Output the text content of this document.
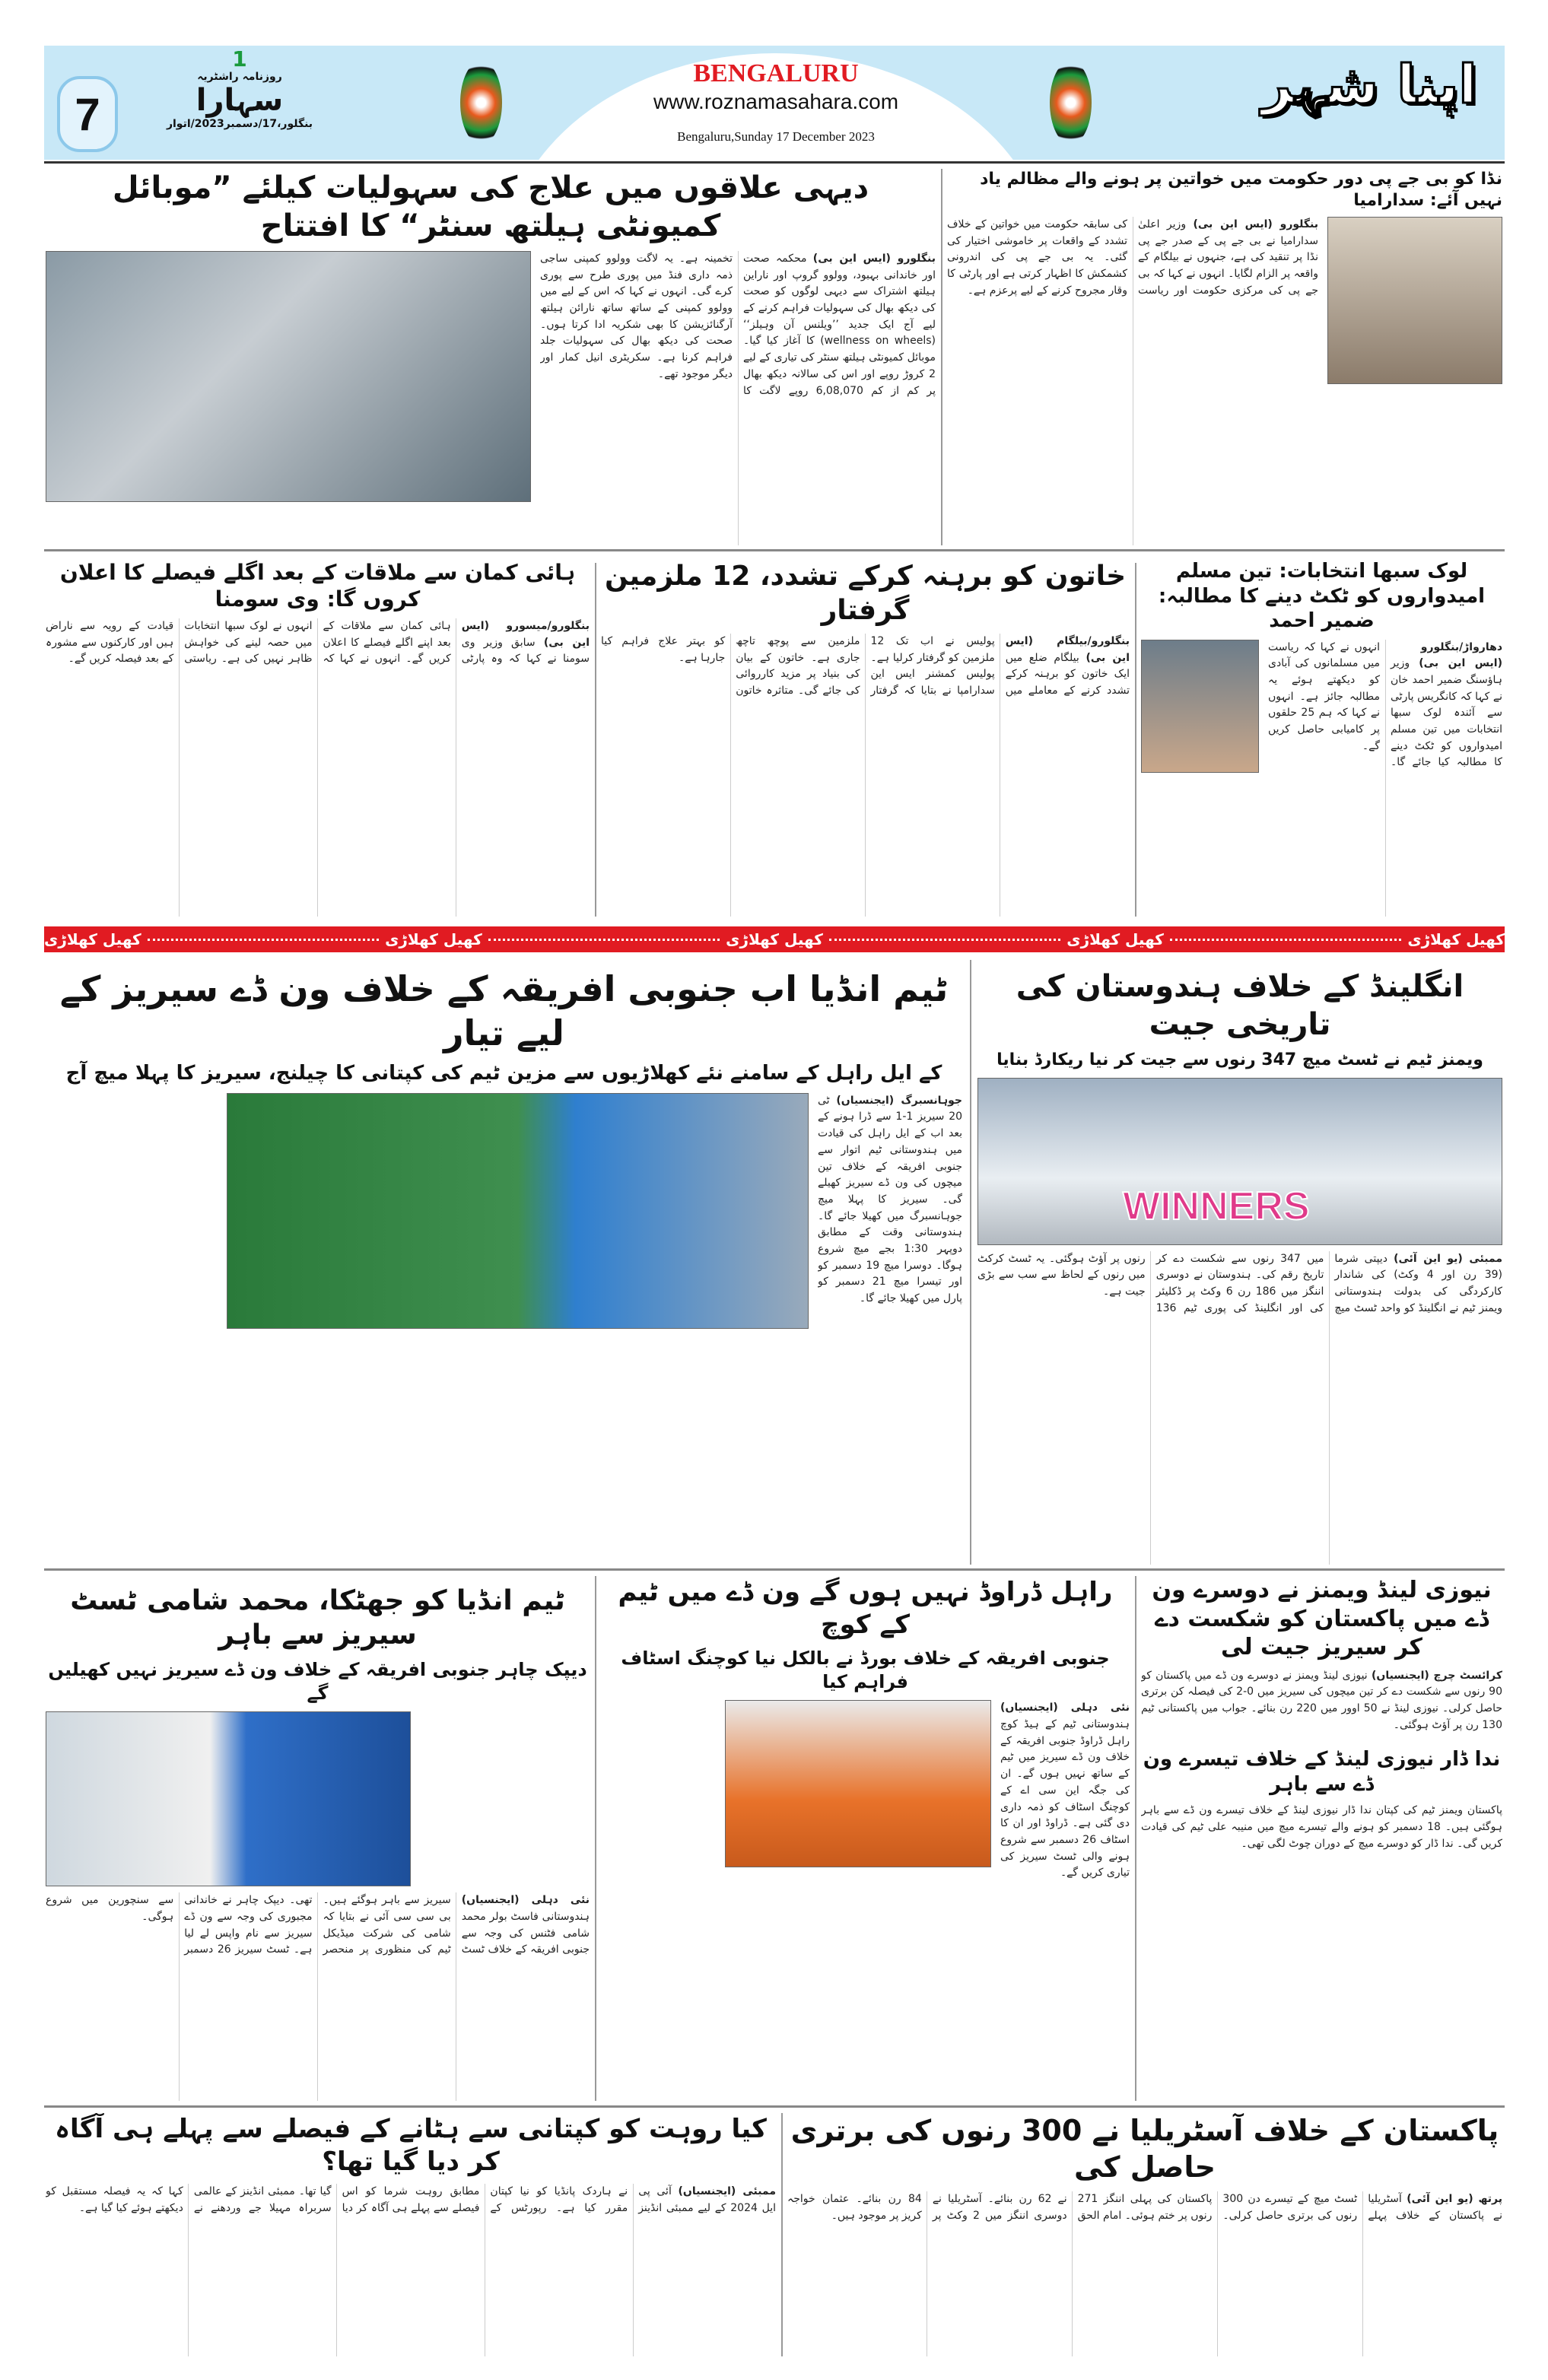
7
1
روزنامہ راشٹریہ
سہارا
بنگلور،17/دسمبر2023/اتوار
BENGALURU
www.roznamasahara.com
Bengaluru,Sunday 17 December 2023
اپنا شہر
دیہی علاقوں میں علاج کی سہولیات کیلئے ”موبائل کمیونٹی ہیلتھ سنٹر“ کا افتتاح
بنگلورو (ایس این بی) محکمہ صحت اور خاندانی بہبود، وولوو گروپ اور ناراین ہیلتھ اشتراک سے دیہی لوگوں کو صحت کی دیکھ بھال کی سہولیات فراہم کرنے کے لیے آج ایک جدید ’’ویلنس آن وہیلز‘‘ (wellness on wheels) کا آغاز کیا گیا۔ موبائل کمیونٹی ہیلتھ سنٹر کی تیاری کے لیے 2 کروڑ روپے اور اس کی سالانہ دیکھ بھال پر کم از کم 6,08,070 روپے لاگت کا تخمینہ ہے۔ یہ لاگت وولوو کمپنی ساجی ذمہ داری فنڈ میں پوری طرح سے پوری کرے گی۔ انہوں نے کہا کہ اس کے لیے میں وولوو کمپنی کے ساتھ ساتھ نارائن ہیلتھ آرگنائزیشن کا بھی شکریہ ادا کرتا ہوں۔ صحت کی دیکھ بھال کی سہولیات جلد فراہم کرنا ہے۔ سکریٹری انیل کمار اور دیگر موجود تھے۔
نڈا کو بی جے پی دور حکومت میں خواتین پر ہونے والے مظالم یاد نہیں آئے: سدارامیا
بنگلورو (ایس این بی) وزیر اعلیٰ سدارامیا نے بی جے پی کے صدر جے پی نڈا پر تنقید کی ہے، جنہوں نے بیلگام کے واقعہ پر الزام لگایا۔ انہوں نے کہا کہ بی جے پی کی مرکزی حکومت اور ریاست کی سابقہ حکومت میں خواتین کے خلاف تشدد کے واقعات پر خاموشی اختیار کی گئی۔ یہ بی جے پی کی اندرونی کشمکش کا اظہار کرتی ہے اور پارٹی کا وقار مجروح کرنے کے لیے پرعزم ہے۔
لوک سبھا انتخابات: تین مسلم امیدواروں کو ٹکٹ دینے کا مطالبہ: ضمیر احمد
دھارواڑ/بنگلورو (ایس این بی) وزیر ہاؤسنگ ضمیر احمد خان نے کہا کہ کانگریس پارٹی سے آئندہ لوک سبھا انتخابات میں تین مسلم امیدواروں کو ٹکٹ دینے کا مطالبہ کیا جائے گا۔ انہوں نے کہا کہ ریاست میں مسلمانوں کی آبادی کو دیکھتے ہوئے یہ مطالبہ جائز ہے۔ انہوں نے کہا کہ ہم 25 حلقوں پر کامیابی حاصل کریں گے۔
خاتون کو برہنہ کرکے تشدد، 12 ملزمین گرفتار
بنگلورو/بیلگام (ایس این بی) بیلگام ضلع میں ایک خاتون کو برہنہ کرکے تشدد کرنے کے معاملے میں پولیس نے اب تک 12 ملزمین کو گرفتار کرلیا ہے۔ پولیس کمشنر ایس این سدارامپا نے بتایا کہ گرفتار ملزمین سے پوچھ تاچھ جاری ہے۔ خاتون کے بیان کی بنیاد پر مزید کارروائی کی جائے گی۔ متاثرہ خاتون کو بہتر علاج فراہم کیا جارہا ہے۔
ہائی کمان سے ملاقات کے بعد اگلے فیصلے کا اعلان کروں گا: وی سومنا
بنگلورو/میسورو (ایس این بی) سابق وزیر وی سومنا نے کہا کہ وہ پارٹی ہائی کمان سے ملاقات کے بعد اپنے اگلے فیصلے کا اعلان کریں گے۔ انہوں نے کہا کہ انہوں نے لوک سبھا انتخابات میں حصہ لینے کی خواہش ظاہر نہیں کی ہے۔ ریاستی قیادت کے رویہ سے ناراض ہیں اور کارکنوں سے مشورہ کے بعد فیصلہ کریں گے۔
کھیل کھلاڑی
کھیل کھلاڑی
کھیل کھلاڑی
کھیل کھلاڑی
کھیل کھلاڑی
انگلینڈ کے خلاف ہندوستان کی تاریخی جیت
ویمنز ٹیم نے ٹسٹ میچ 347 رنوں سے جیت کر نیا ریکارڈ بنایا
WINNERS
ممبئی (یو این آئی) دیپتی شرما (39 رن اور 4 وکٹ) کی شاندار کارکردگی کی بدولت ہندوستانی ویمنز ٹیم نے انگلینڈ کو واحد ٹسٹ میچ میں 347 رنوں سے شکست دے کر تاریخ رقم کی۔ ہندوستان نے دوسری اننگز میں 186 رن 6 وکٹ پر ڈکلیئر کی اور انگلینڈ کی پوری ٹیم 136 رنوں پر آؤٹ ہوگئی۔ یہ ٹسٹ کرکٹ میں رنوں کے لحاظ سے سب سے بڑی جیت ہے۔
ٹیم انڈیا اب جنوبی افریقہ کے خلاف ون ڈے سیریز کے لیے تیار
کے ایل راہل کے سامنے نئے کھلاڑیوں سے مزین ٹیم کی کپتانی کا چیلنج، سیریز کا پہلا میچ آج
جوہانسبرگ (ایجنسیاں) ٹی 20 سیریز 1-1 سے ڈرا ہونے کے بعد اب کے ایل راہل کی قیادت میں ہندوستانی ٹیم اتوار سے جنوبی افریقہ کے خلاف تین میچوں کی ون ڈے سیریز کھیلے گی۔ سیریز کا پہلا میچ جوہانسبرگ میں کھیلا جائے گا۔ ہندوستانی وقت کے مطابق دوپہر 1:30 بجے میچ شروع ہوگا۔ دوسرا میچ 19 دسمبر کو اور تیسرا میچ 21 دسمبر کو پارل میں کھیلا جائے گا۔
نیوزی لینڈ ویمنز نے دوسرے ون ڈے میں پاکستان کو شکست دے کر سیریز جیت لی
کرائسٹ چرچ (ایجنسیاں) نیوزی لینڈ ویمنز نے دوسرے ون ڈے میں پاکستان کو 90 رنوں سے شکست دے کر تین میچوں کی سیریز میں 0-2 کی فیصلہ کن برتری حاصل کرلی۔ نیوزی لینڈ نے 50 اوور میں 220 رن بنائے۔ جواب میں پاکستانی ٹیم 130 رن پر آؤٹ ہوگئی۔
ندا ڈار نیوزی لینڈ کے خلاف تیسرے ون ڈے سے باہر
پاکستان ویمنز ٹیم کی کپتان ندا ڈار نیوزی لینڈ کے خلاف تیسرے ون ڈے سے باہر ہوگئی ہیں۔ 18 دسمبر کو ہونے والے تیسرے میچ میں منیبہ علی ٹیم کی قیادت کریں گی۔ ندا ڈار کو دوسرے میچ کے دوران چوٹ لگی تھی۔
راہل ڈراوڈ نہیں ہوں گے ون ڈے میں ٹیم کے کوچ
جنوبی افریقہ کے خلاف بورڈ نے بالکل نیا کوچنگ اسٹاف فراہم کیا
نئی دہلی (ایجنسیاں) ہندوستانی ٹیم کے ہیڈ کوچ راہل ڈراوڈ جنوبی افریقہ کے خلاف ون ڈے سیریز میں ٹیم کے ساتھ نہیں ہوں گے۔ ان کی جگہ این سی اے کے کوچنگ اسٹاف کو ذمہ داری دی گئی ہے۔ ڈراوڈ اور ان کا اسٹاف 26 دسمبر سے شروع ہونے والی ٹسٹ سیریز کی تیاری کریں گے۔
ٹیم انڈیا کو جھٹکا، محمد شامی ٹسٹ سیریز سے باہر
دیپک چاہر جنوبی افریقہ کے خلاف ون ڈے سیریز نہیں کھیلیں گے
نئی دہلی (ایجنسیاں) ہندوستانی فاسٹ بولر محمد شامی فٹنس کی وجہ سے جنوبی افریقہ کے خلاف ٹسٹ سیریز سے باہر ہوگئے ہیں۔ بی سی سی آئی نے بتایا کہ شامی کی شرکت میڈیکل ٹیم کی منظوری پر منحصر تھی۔ دیپک چاہر نے خاندانی مجبوری کی وجہ سے ون ڈے سیریز سے نام واپس لے لیا ہے۔ ٹسٹ سیریز 26 دسمبر سے سنچورین میں شروع ہوگی۔
پاکستان کے خلاف آسٹریلیا نے 300 رنوں کی برتری حاصل کی
پرتھ (یو این آئی) آسٹریلیا نے پاکستان کے خلاف پہلے ٹسٹ میچ کے تیسرے دن 300 رنوں کی برتری حاصل کرلی۔ پاکستان کی پہلی اننگز 271 رنوں پر ختم ہوئی۔ امام الحق نے 62 رن بنائے۔ آسٹریلیا نے دوسری اننگز میں 2 وکٹ پر 84 رن بنائے۔ عثمان خواجہ کریز پر موجود ہیں۔
کیا روہت کو کپتانی سے ہٹانے کے فیصلے سے پہلے ہی آگاہ کر دیا گیا تھا؟
ممبئی (ایجنسیاں) آئی پی ایل 2024 کے لیے ممبئی انڈینز نے ہاردک پانڈیا کو نیا کپتان مقرر کیا ہے۔ رپورٹس کے مطابق روہت شرما کو اس فیصلے سے پہلے ہی آگاہ کر دیا گیا تھا۔ ممبئی انڈینز کے عالمی سربراہ مہیلا جے وردھنے نے کہا کہ یہ فیصلہ مستقبل کو دیکھتے ہوئے کیا گیا ہے۔
